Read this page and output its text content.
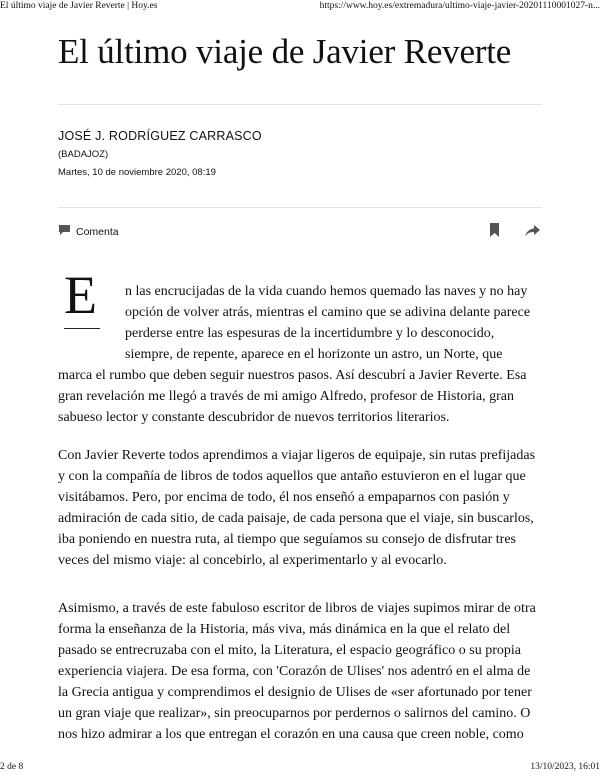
El último viaje de Javier Reverte | Hoy.es	https://www.hoy.es/extremadura/ultimo-viaje-javier-20201110001027-n...
El último viaje de Javier Reverte
JOSÉ J. RODRÍGUEZ CARRASCO
(BADAJOZ)
Martes, 10 de noviembre 2020, 08:19
Comenta
E	n las encrucijadas de la vida cuando hemos quemado las naves y no hay
opción de volver atrás, mientras el camino que se adivina delante parece
perderse entre las espesuras de la incertidumbre y lo desconocido,
siempre, de repente, aparece en el horizonte un astro, un Norte, que
marca el rumbo que deben seguir nuestros pasos. Así descubrí a Javier Reverte. Esa
gran revelación me llegó a través de mi amigo Alfredo, profesor de Historia, gran
sabueso lector y constante descubridor de nuevos territorios literarios.

Con Javier Reverte todos aprendimos a viajar ligeros de equipaje, sin rutas prefijadas y con la compañía de libros de todos aquellos que antaño estuvieron en el lugar que visitábamos. Pero, por encima de todo, él nos enseñó a empaparnos con pasión y admiración de cada sitio, de cada paisaje, de cada persona que el viaje, sin buscarlos, iba poniendo en nuestra ruta, al tiempo que seguíamos su consejo de disfrutar tres veces del mismo viaje: al concebirlo, al experimentarlo y al evocarlo.

Asimismo, a través de este fabuloso escritor de libros de viajes supimos mirar de otra forma la enseñanza de la Historia, más viva, más dinámica en la que el relato del pasado se entrecruzaba con el mito, la Literatura, el espacio geográfico o su propia experiencia viajera. De esa forma, con 'Corazón de Ulises' nos adentró en el alma de la Grecia antigua y comprendimos el designio de Ulises de «ser afortunado por tener un gran viaje que realizar», sin preocuparnos por perdernos o salirnos del camino. O nos hizo admirar a los que entregan el corazón en una causa que creen noble, como

2 de 8	13/10/2023, 16:01
